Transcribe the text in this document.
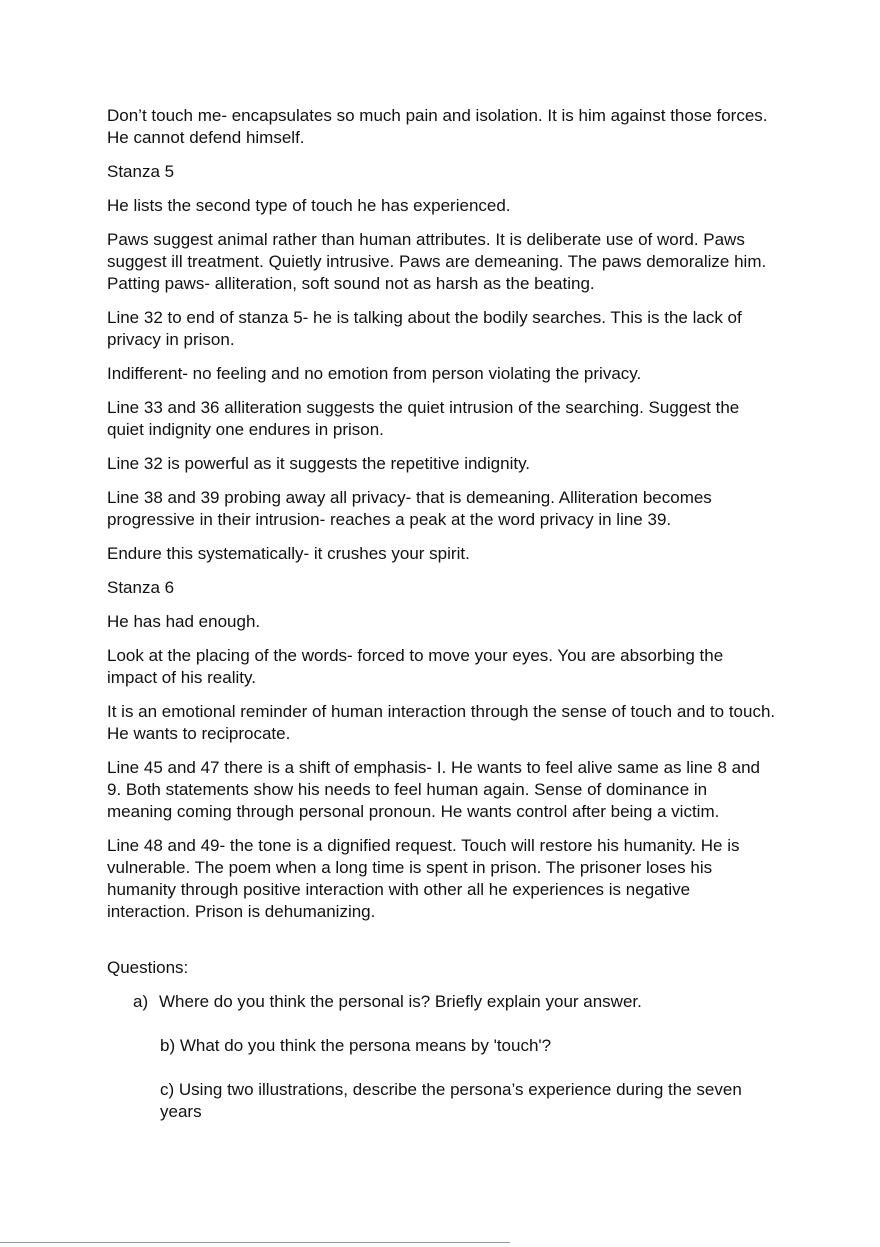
Don’t touch me- encapsulates so much pain and isolation. It is him against those forces. He cannot defend himself.

Stanza 5

He lists the second type of touch he has experienced.

Paws suggest animal rather than human attributes. It is deliberate use of word. Paws suggest ill treatment. Quietly intrusive. Paws are demeaning. The paws demoralize him. Patting paws- alliteration, soft sound not as harsh as the beating.

Line 32 to end of stanza 5- he is talking about the bodily searches. This is the lack of privacy in prison.

Indifferent- no feeling and no emotion from person violating the privacy.

Line 33 and 36 alliteration suggests the quiet intrusion of the searching. Suggest the quiet indignity one endures in prison.

Line 32 is powerful as it suggests the repetitive indignity.

Line 38 and 39 probing away all privacy- that is demeaning. Alliteration becomes progressive in their intrusion- reaches a peak at the word privacy in line 39.

Endure this systematically- it crushes your spirit.

Stanza 6

He has had enough.

Look at the placing of the words- forced to move your eyes. You are absorbing the impact of his reality.

It is an emotional reminder of human interaction through the sense of touch and to touch. He wants to reciprocate.

Line 45 and 47 there is a shift of emphasis- I. He wants to feel alive same as line 8 and 9. Both statements show his needs to feel human again. Sense of dominance in meaning coming through personal pronoun. He wants control after being a victim.

Line 48 and 49- the tone is a dignified request. Touch will restore his humanity. He is vulnerable. The poem when a long time is spent in prison. The prisoner loses his humanity through positive interaction with other all he experiences is negative interaction. Prison is dehumanizing.

Questions:

a) Where do you think the personal is? Briefly explain your answer.
b) What do you think the persona means by 'touch'?
c) Using two illustrations, describe the persona’s experience during the seven years
